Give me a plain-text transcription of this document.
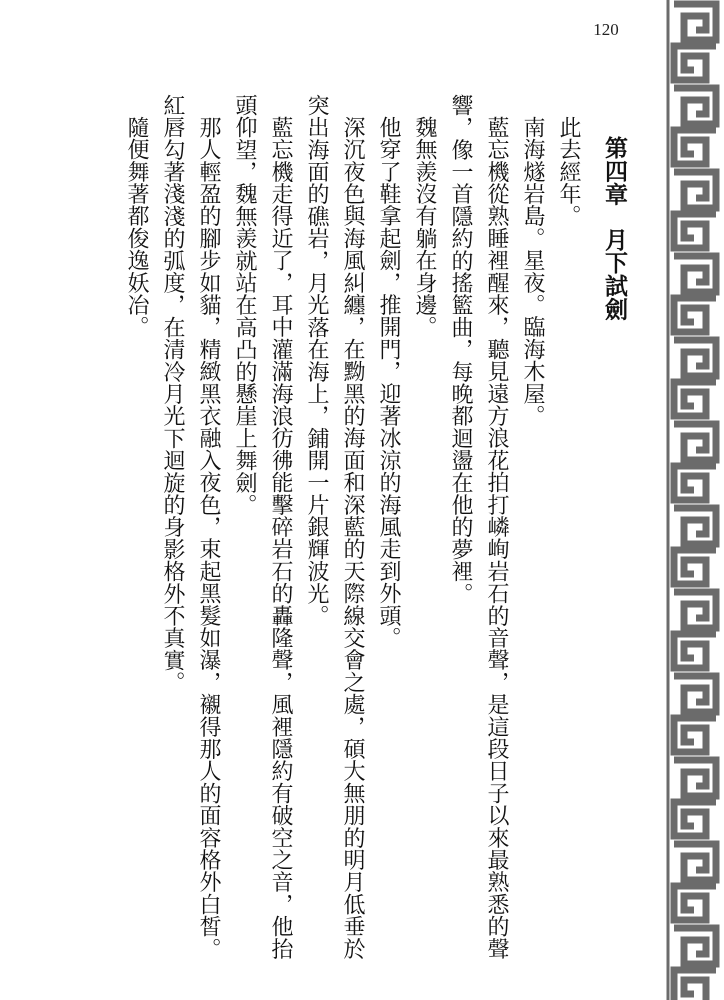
120

第四章月下試劍

此去經年。

南海燧岩島。星夜。臨海木屋。

藍忘機從熟睡裡醒來，聽見遠方浪花拍打嶙峋岩石的音聲，是這段日子以來最熟悉的聲響，像一首隱約的搖籃曲，每晚都迴盪在他的夢裡。

魏無羨沒有躺在身邊。

他穿了鞋拿起劍，推開門，迎著冰涼的海風走到外頭。

深沉夜色與海風糾纏，在黝黑的海面和深藍的天際線交會之處，碩大無朋的明月低垂於突出海面的礁岩，月光落在海上，鋪開一片銀輝波光。

藍忘機走得近了，耳中灌滿海浪彷彿能擊碎岩石的轟隆聲，風裡隱約有破空之音，他抬頭仰望，魏無羨就站在高凸的懸崖上舞劍。

那人輕盈的腳步如貓，精緻黑衣融入夜色，束起黑髮如瀑，襯得那人的面容格外白皙。紅唇勾著淺淺的弧度，在清冷月光下迴旋的身影格外不真實。

隨便舞著都俊逸妖冶。
